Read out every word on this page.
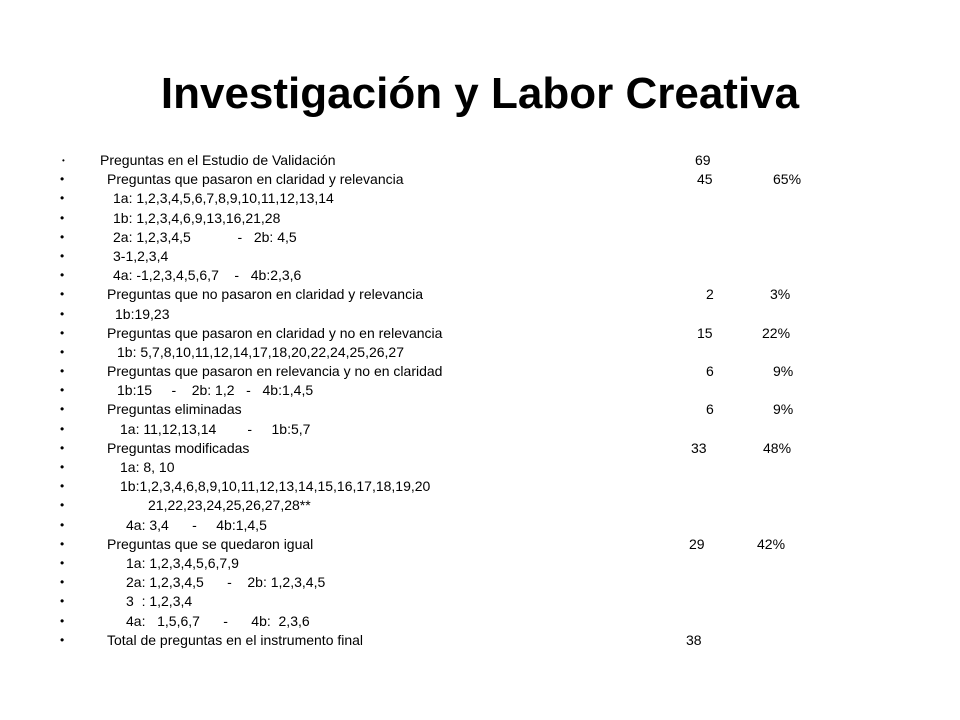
Investigación y Labor Creativa
•	Preguntas en el Estudio de Validación	69
•	Preguntas que pasaron en claridad y relevancia	45	65%
•	1a: 1,2,3,4,5,6,7,8,9,10,11,12,13,14
•	1b: 1,2,3,4,6,9,13,16,21,28
•	2a: 1,2,3,4,5            -   2b: 4,5
•	3-1,2,3,4
•	4a: -1,2,3,4,5,6,7    -   4b:2,3,6
•	Preguntas que no pasaron en claridad y relevancia	2	3%
•	1b:19,23
•	Preguntas que pasaron en claridad y no en relevancia	15	22%
•	1b: 5,7,8,10,11,12,14,17,18,20,22,24,25,26,27
•	Preguntas que pasaron en relevancia y no en claridad	6	9%
•	1b:15     -    2b: 1,2   -   4b:1,4,5
•	Preguntas eliminadas	6	9%
•	1a: 11,12,13,14        -     1b:5,7
•	Preguntas modificadas	33	48%
•	1a: 8, 10
•	1b:1,2,3,4,6,8,9,10,11,12,13,14,15,16,17,18,19,20
•	21,22,23,24,25,26,27,28**
•	4a: 3,4      -     4b:1,4,5
•	Preguntas que se quedaron igual	29	42%
•	1a: 1,2,3,4,5,6,7,9
•	2a: 1,2,3,4,5      -    2b: 1,2,3,4,5
•	3  : 1,2,3,4
•	4a:   1,5,6,7      -      4b:  2,3,6
•	Total de preguntas en el instrumento final	38
